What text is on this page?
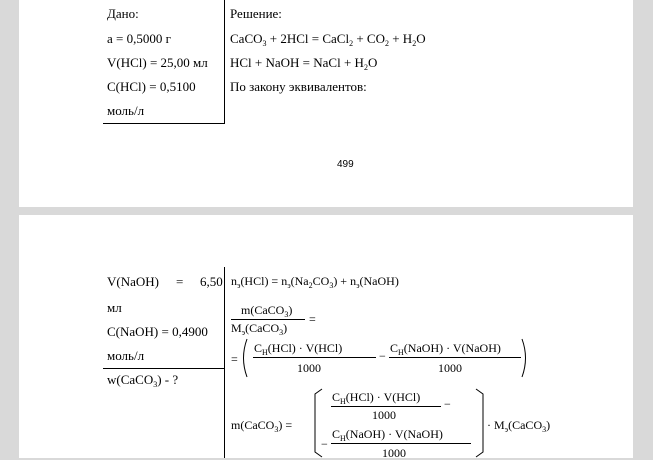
Дано:
a = 0,5000 г
V(HCl) = 25,00 мл
C(HCl) = 0,5100
моль/л
Решение:
CaCO$_3$ + 2HCl = CaCl$_2$ + $CO_2 + H_2O$
HCl + NaOH = NaCl + $H_2O$
По закону эквивалентов:
499
V(NaOH) = 6,50
мл
C(NaOH) = 0,4900
моль/л
w(CaCO$_3$) - ?
$n_э(HCl) = n_э(Na_2CO_3)$ + $n_э(NaOH)$
m(CaCO$_3$)
$M_э(CaCO_3)$
=
=
$C_H(HCl) \cdot V(HCl)$
1000
−
$C_H(NaOH)$ · V(NaOH)
1000
m(CaCO$_3$) =
$C_H(HCl) \cdot V(HCl)$
1000
−
−
$C_H(NaOH)$ · V(NaOH)
1000
· $M_э(CaCO_3)$
